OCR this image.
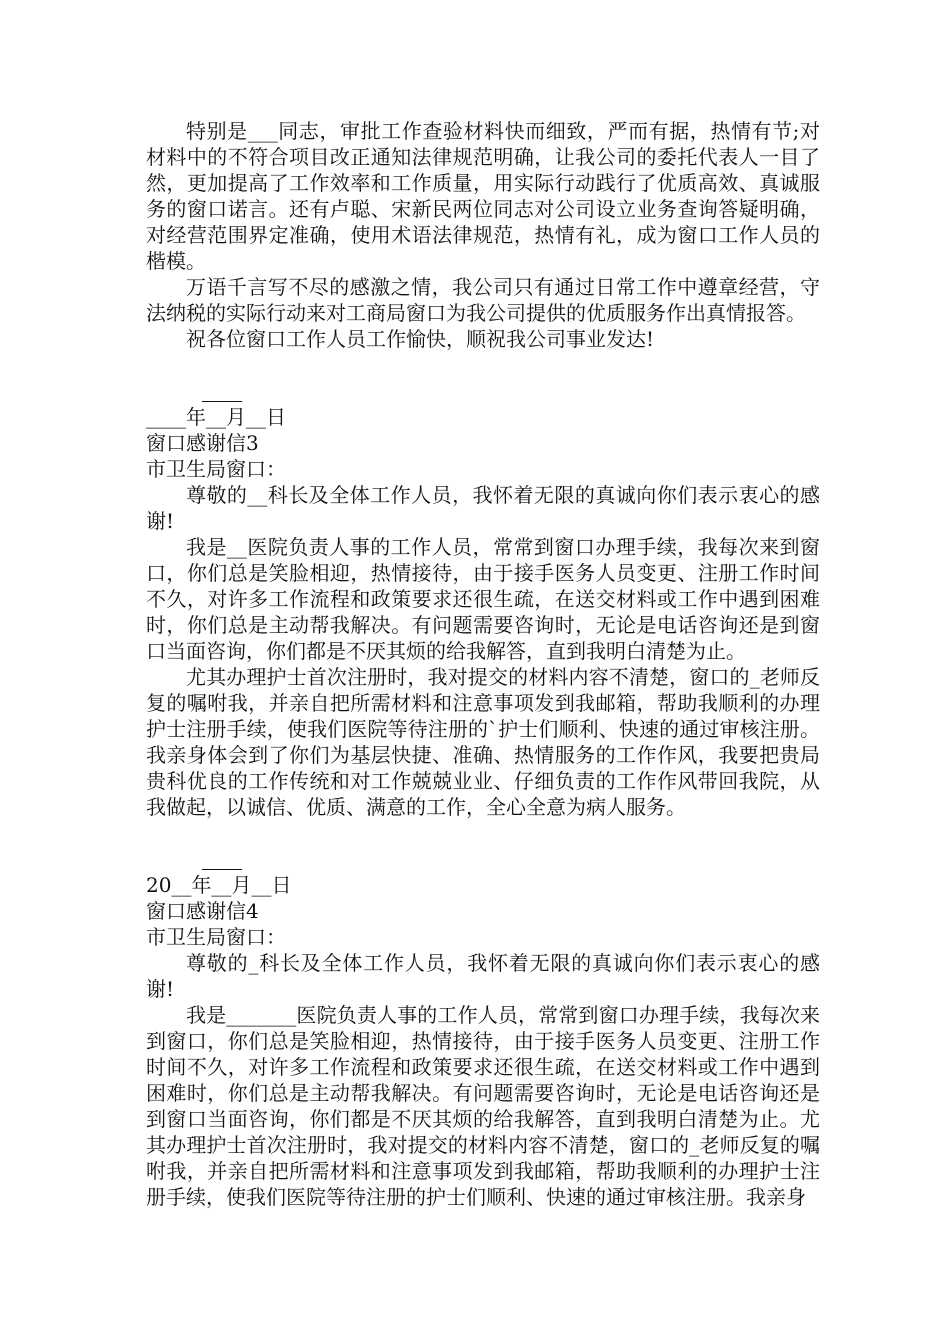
特别是___同志，审批工作查验材料快而细致，严而有据，热情有节;对材料中的不符合项目改正通知法律规范明确，让我公司的委托代表人一目了然，更加提高了工作效率和工作质量，用实际行动践行了优质高效、真诚服务的窗口诺言。还有卢聪、宋新民两位同志对公司设立业务查询答疑明确，对经营范围界定准确，使用术语法律规范，热情有礼，成为窗口工作人员的楷模。

万语千言写不尽的感激之情，我公司只有通过日常工作中遵章经营，守法纳税的实际行动来对工商局窗口为我公司提供的优质服务作出真情报答。

祝各位窗口工作人员工作愉快，顺祝我公司事业发达!

____年__月__日

窗口感谢信3

市卫生局窗口：

尊敬的__科长及全体工作人员，我怀着无限的真诚向你们表示衷心的感谢!

我是__医院负责人事的工作人员，常常到窗口办理手续，我每次来到窗口，你们总是笑脸相迎，热情接待，由于接手医务人员变更、注册工作时间不久，对许多工作流程和政策要求还很生疏，在送交材料或工作中遇到困难时，你们总是主动帮我解决。有问题需要咨询时，无论是电话咨询还是到窗口当面咨询，你们都是不厌其烦的给我解答，直到我明白清楚为止。

尤其办理护士首次注册时，我对提交的材料内容不清楚，窗口的_老师反复的嘱咐我，并亲自把所需材料和注意事项发到我邮箱，帮助我顺利的办理护士注册手续，使我们医院等待注册的`护士们顺利、快速的通过审核注册。我亲身体会到了你们为基层快捷、准确、热情服务的工作作风，我要把贵局贵科优良的工作传统和对工作兢兢业业、仔细负责的工作作风带回我院，从我做起，以诚信、优质、满意的工作，全心全意为病人服务。

20__年__月__日

窗口感谢信4

市卫生局窗口：

尊敬的_科长及全体工作人员，我怀着无限的真诚向你们表示衷心的感谢!

我是_______医院负责人事的工作人员，常常到窗口办理手续，我每次来到窗口，你们总是笑脸相迎，热情接待，由于接手医务人员变更、注册工作时间不久，对许多工作流程和政策要求还很生疏，在送交材料或工作中遇到困难时，你们总是主动帮我解决。有问题需要咨询时，无论是电话咨询还是到窗口当面咨询，你们都是不厌其烦的给我解答，直到我明白清楚为止。尤其办理护士首次注册时，我对提交的材料内容不清楚，窗口的_老师反复的嘱咐我，并亲自把所需材料和注意事项发到我邮箱，帮助我顺利的办理护士注册手续，使我们医院等待注册的护士们顺利、快速的通过审核注册。我亲身
